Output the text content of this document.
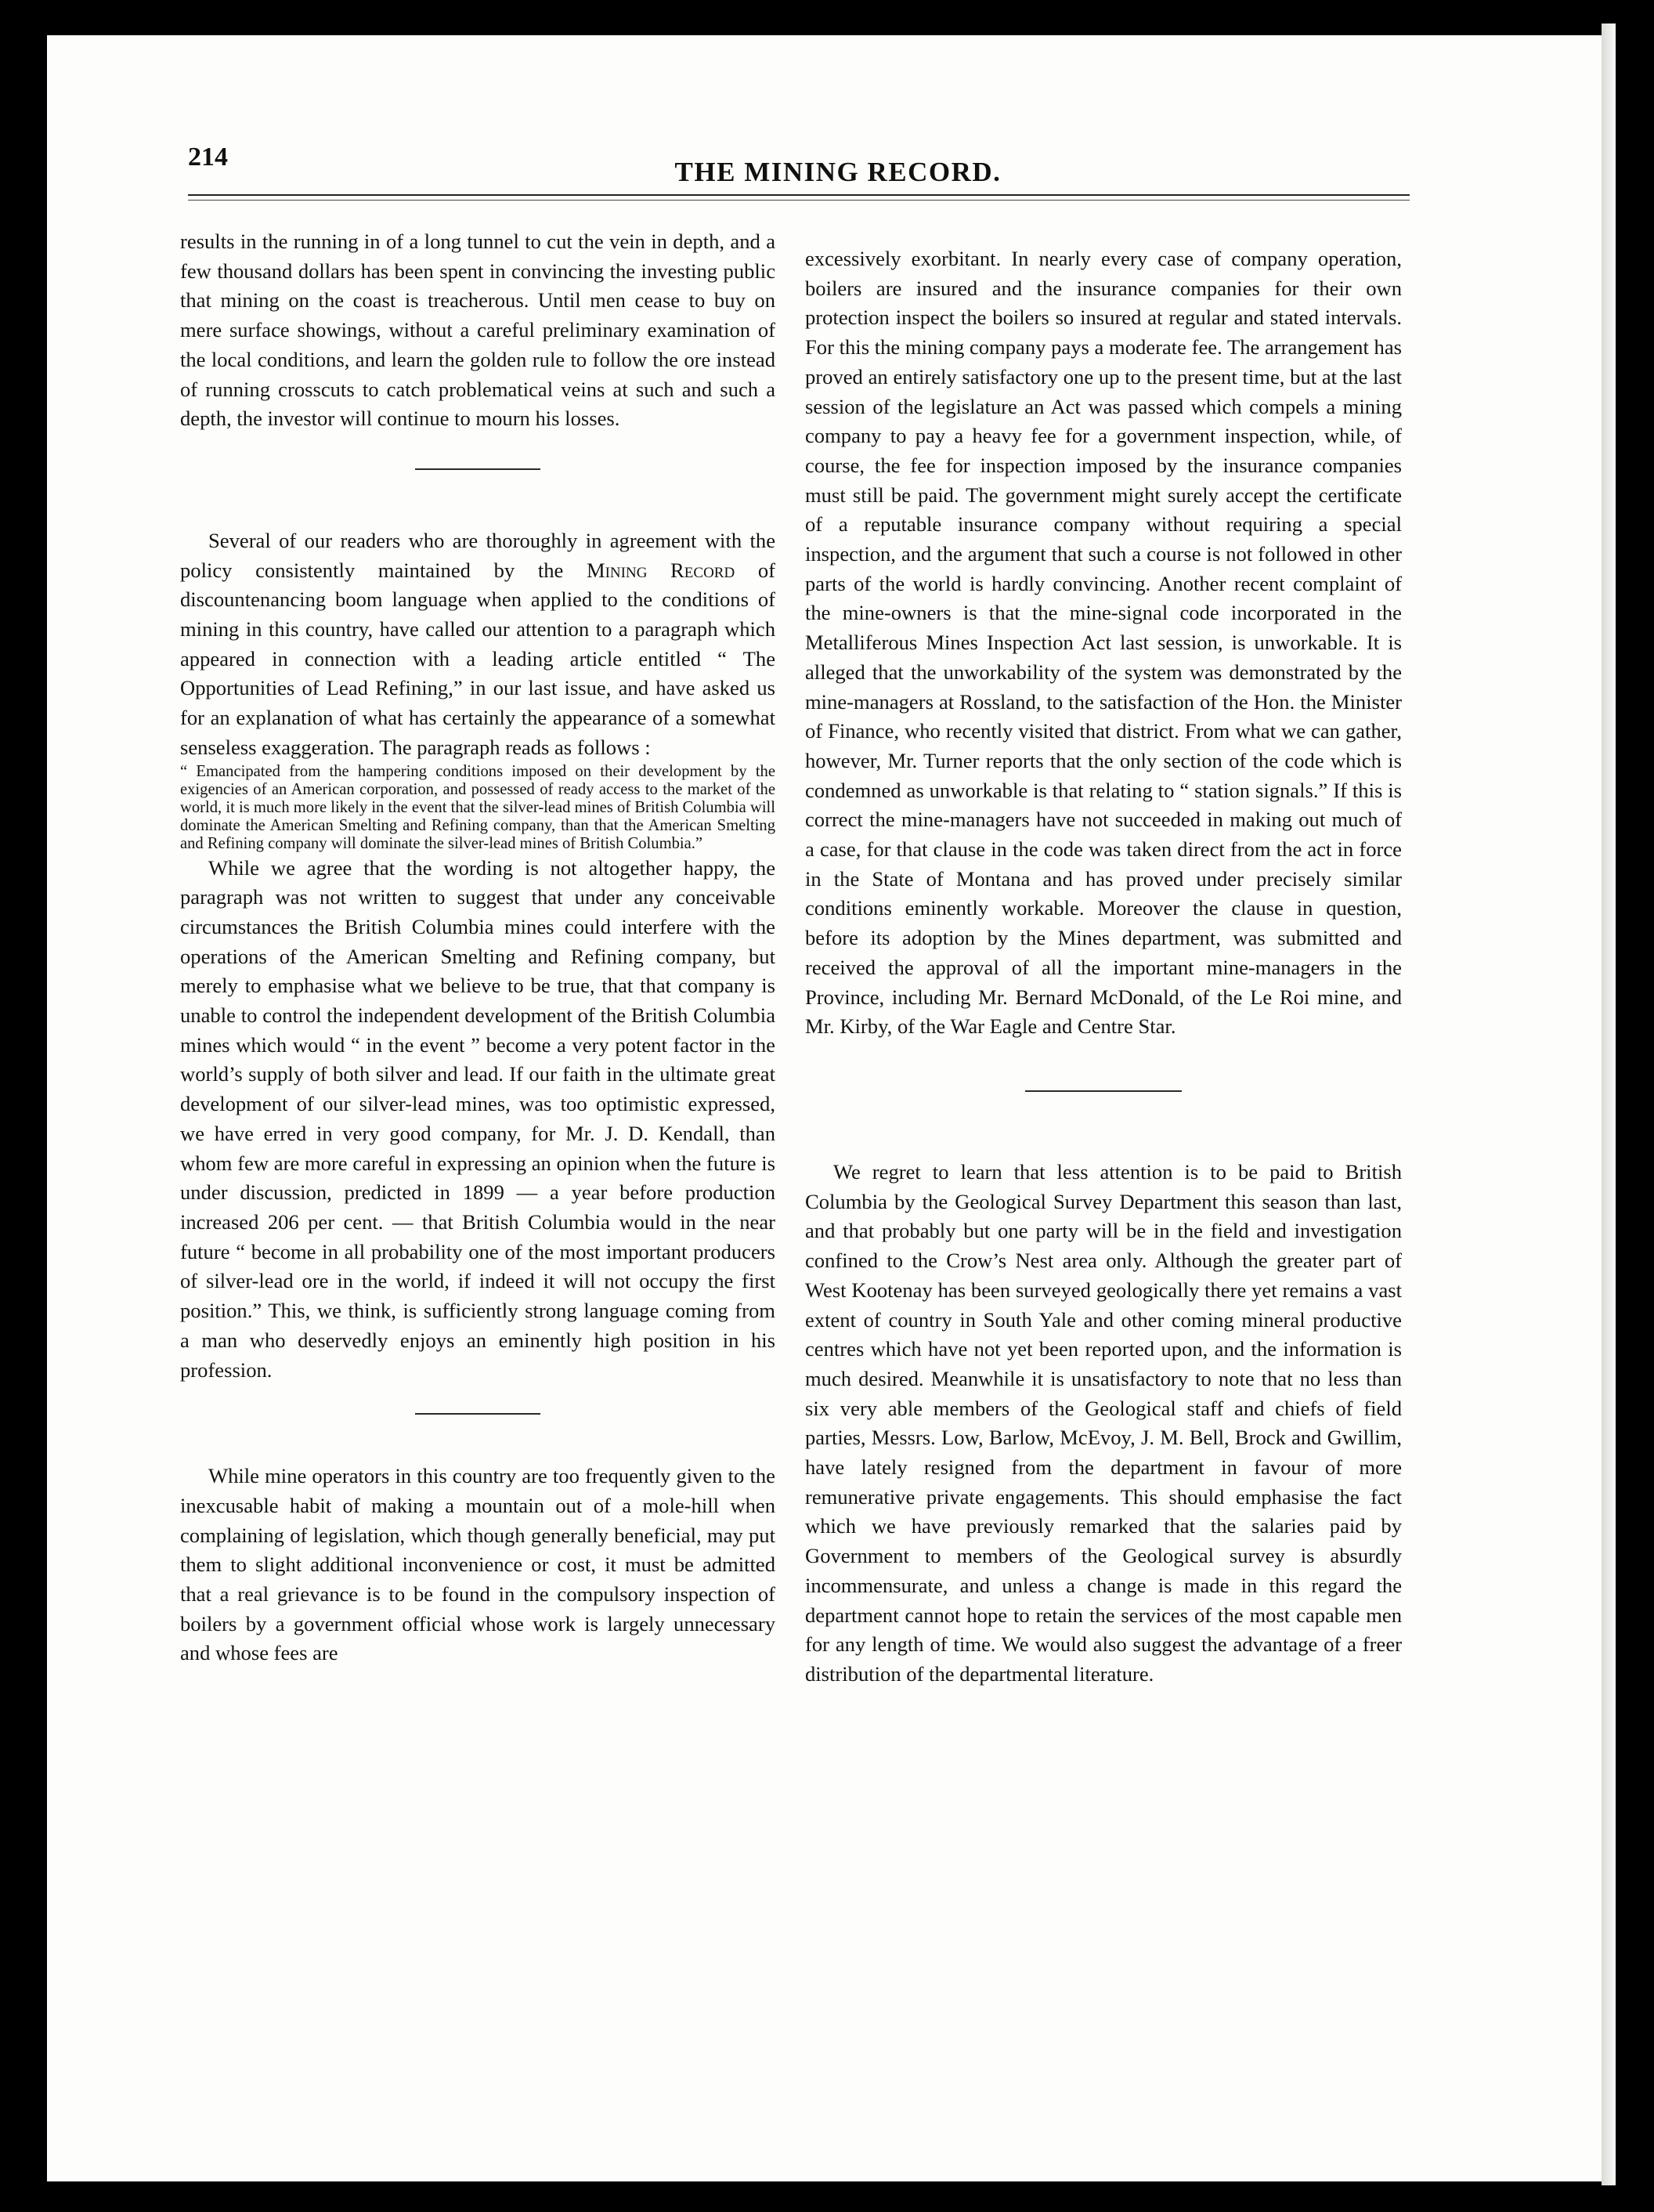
214	THE MINING RECORD.

results in the running in of a long tunnel to cut the vein in depth, and a few thousand dollars has been spent in convincing the investing public that mining on the coast is treacherous. Until men cease to buy on mere surface showings, without a careful preliminary examination of the local conditions, and learn the golden rule to follow the ore instead of running crosscuts to catch problematical veins at such and such a depth, the investor will continue to mourn his losses.

Several of our readers who are thoroughly in agreement with the policy consistently maintained by the Mining Record of discountenancing boom language when applied to the conditions of mining in this country, have called our attention to a paragraph which appeared in connection with a leading article entitled “ The Opportunities of Lead Refining,” in our last issue, and have asked us for an explanation of what has certainly the appearance of a somewhat senseless exaggeration. The paragraph reads as follows :

“ Emancipated from the hampering conditions imposed on their development by the exigencies of an American corporation, and possessed of ready access to the market of the world, it is much more likely in the event that the silver-lead mines of British Columbia will dominate the American Smelting and Refining company, than that the American Smelting and Refining company will dominate the silver-lead mines of British Columbia.”

While we agree that the wording is not altogether happy, the paragraph was not written to suggest that under any conceivable circumstances the British Columbia mines could interfere with the operations of the American Smelting and Refining company, but merely to emphasise what we believe to be true, that that company is unable to control the independent development of the British Columbia mines which would “ in the event ” become a very potent factor in the world’s supply of both silver and lead. If our faith in the ultimate great development of our silver-lead mines, was too optimistic expressed, we have erred in very good company, for Mr. J. D. Kendall, than whom few are more careful in expressing an opinion when the future is under discussion, predicted in 1899 — a year before production increased 206 per cent. — that British Columbia would in the near future “ become in all probability one of the most important producers of silver-lead ore in the world, if indeed it will not occupy the first position.” This, we think, is sufficiently strong language coming from a man who deservedly enjoys an eminently high position in his profession.

While mine operators in this country are too frequently given to the inexcusable habit of making a mountain out of a mole-hill when complaining of legislation, which though generally beneficial, may put them to slight additional inconvenience or cost, it must be admitted that a real grievance is to be found in the compulsory inspection of boilers by a government official whose work is largely unnecessary and whose fees are

excessively exorbitant. In nearly every case of company operation, boilers are insured and the insurance companies for their own protection inspect the boilers so insured at regular and stated intervals. For this the mining company pays a moderate fee. The arrangement has proved an entirely satisfactory one up to the present time, but at the last session of the legislature an Act was passed which compels a mining company to pay a heavy fee for a government inspection, while, of course, the fee for inspection imposed by the insurance companies must still be paid. The government might surely accept the certificate of a reputable insurance company without requiring a special inspection, and the argument that such a course is not followed in other parts of the world is hardly convincing. Another recent complaint of the mine-owners is that the mine-signal code incorporated in the Metalliferous Mines Inspection Act last session, is unworkable. It is alleged that the unworkability of the system was demonstrated by the mine-managers at Rossland, to the satisfaction of the Hon. the Minister of Finance, who recently visited that district. From what we can gather, however, Mr. Turner reports that the only section of the code which is condemned as unworkable is that relating to “ station signals.” If this is correct the mine-managers have not succeeded in making out much of a case, for that clause in the code was taken direct from the act in force in the State of Montana and has proved under precisely similar conditions eminently workable. Moreover the clause in question, before its adoption by the Mines department, was submitted and received the approval of all the important mine-managers in the Province, including Mr. Bernard McDonald, of the Le Roi mine, and Mr. Kirby, of the War Eagle and Centre Star.

We regret to learn that less attention is to be paid to British Columbia by the Geological Survey Department this season than last, and that probably but one party will be in the field and investigation confined to the Crow’s Nest area only. Although the greater part of West Kootenay has been surveyed geologically there yet remains a vast extent of country in South Yale and other coming mineral productive centres which have not yet been reported upon, and the information is much desired. Meanwhile it is unsatisfactory to note that no less than six very able members of the Geological staff and chiefs of field parties, Messrs. Low, Barlow, McEvoy, J. M. Bell, Brock and Gwillim, have lately resigned from the department in favour of more remunerative private engagements. This should emphasise the fact which we have previously remarked that the salaries paid by Government to members of the Geological survey is absurdly incommensurate, and unless a change is made in this regard the department cannot hope to retain the services of the most capable men for any length of time. We would also suggest the advantage of a freer distribution of the departmental literature.
